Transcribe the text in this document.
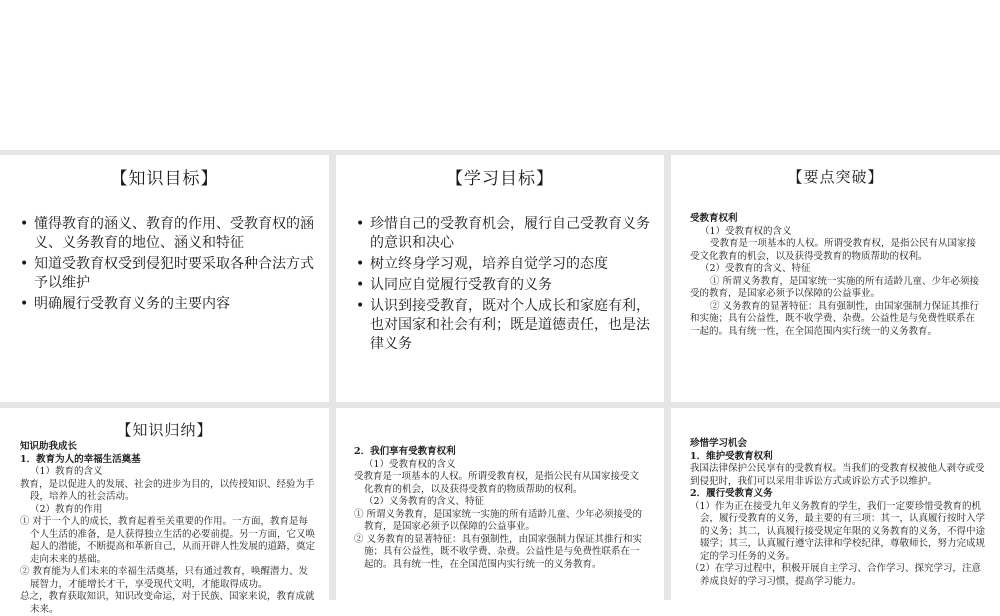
【知识目标】
• 懂得教育的涵义、教育的作用、受教育权的涵义、义务教育的地位、涵义和特征
• 知道受教育权受到侵犯时要采取各种合法方式予以维护
• 明确履行受教育义务的主要内容
【学习目标】
• 珍惜自己的受教育机会，履行自己受教育义务的意识和决心
• 树立终身学习观，培养自觉学习的态度
• 认同应自觉履行受教育的义务
• 认识到接受教育，既对个人成长和家庭有利，也对国家和社会有利；既是道德责任，也是法律义务
【要点突破】
受教育权利
（1）受教育权的含义
受教育是一项基本的人权。所谓受教育权，是指公民有从国家接受文化教育的机会，以及获得受教育的物质帮助的权利。
（2）受教育的含义、特征
① 所谓义务教育，是国家统一实施的所有适龄儿童、少年必须接受的教育，是国家必须予以保障的公益事业。
② 义务教育的显著特征：具有强制性，由国家强制力保证其推行和实施；具有公益性，既不收学费、杂费。公益性是与免费性联系在一起的。具有统一性，在全国范围内实行统一的义务教育。
【知识归纳】
知识助我成长
1．教育为人的幸福生活奠基
（1）教育的含义
教育，是以促进人的发展、社会的进步为目的，以传授知识、经验为手段，培养人的社会活动。
（2）教育的作用
① 对于一个人的成长，教育起着至关重要的作用。一方面，教育是每个人生活的准备，是人获得独立生活的必要前提。另一方面，它又唤起人的潜能，不断提高和革新自己，从而开辟人性发展的道路，奠定走向未来的基础。
② 教育能为人们未来的幸福生活奠基，只有通过教育，唤醒潜力、发展智力，才能增长才干，享受现代文明，才能取得成功。
总之，教育获取知识，知识改变命运，对于民族、国家来说，教育成就未来。
2．我们享有受教育权利
（1）受教育权的含义
受教育是一项基本的人权。所谓受教育权，是指公民有从国家接受文化教育的机会，以及获得受教育的物质帮助的权利。
（2）义务教育的含义、特征
① 所谓义务教育，是国家统一实施的所有适龄儿童、少年必须接受的教育，是国家必须予以保障的公益事业。
② 义务教育的显著特征：具有强制性，由国家强制力保证其推行和实施；具有公益性，既不收学费、杂费。公益性是与免费性联系在一起的。具有统一性，在全国范围内实行统一的义务教育。
珍惜学习机会
1．维护受教育权利
我国法律保护公民享有的受教育权。当我们的受教育权被他人剥夺或受到侵犯时，我们可以采用非诉讼方式或诉讼方式予以维护。
2．履行受教育义务
（1）作为正在接受九年义务教育的学生，我们一定要珍惜受教育的机会，履行受教育的义务，最主要的有三项：其一，认真履行按时入学的义务；其二，认真履行接受规定年限的义务教育的义务，不得中途辍学；其三，认真履行遵守法律和学校纪律，尊敬师长，努力完成规定的学习任务的义务。
（2）在学习过程中，积极开展自主学习、合作学习、探究学习，注意养成良好的学习习惯，提高学习能力。
